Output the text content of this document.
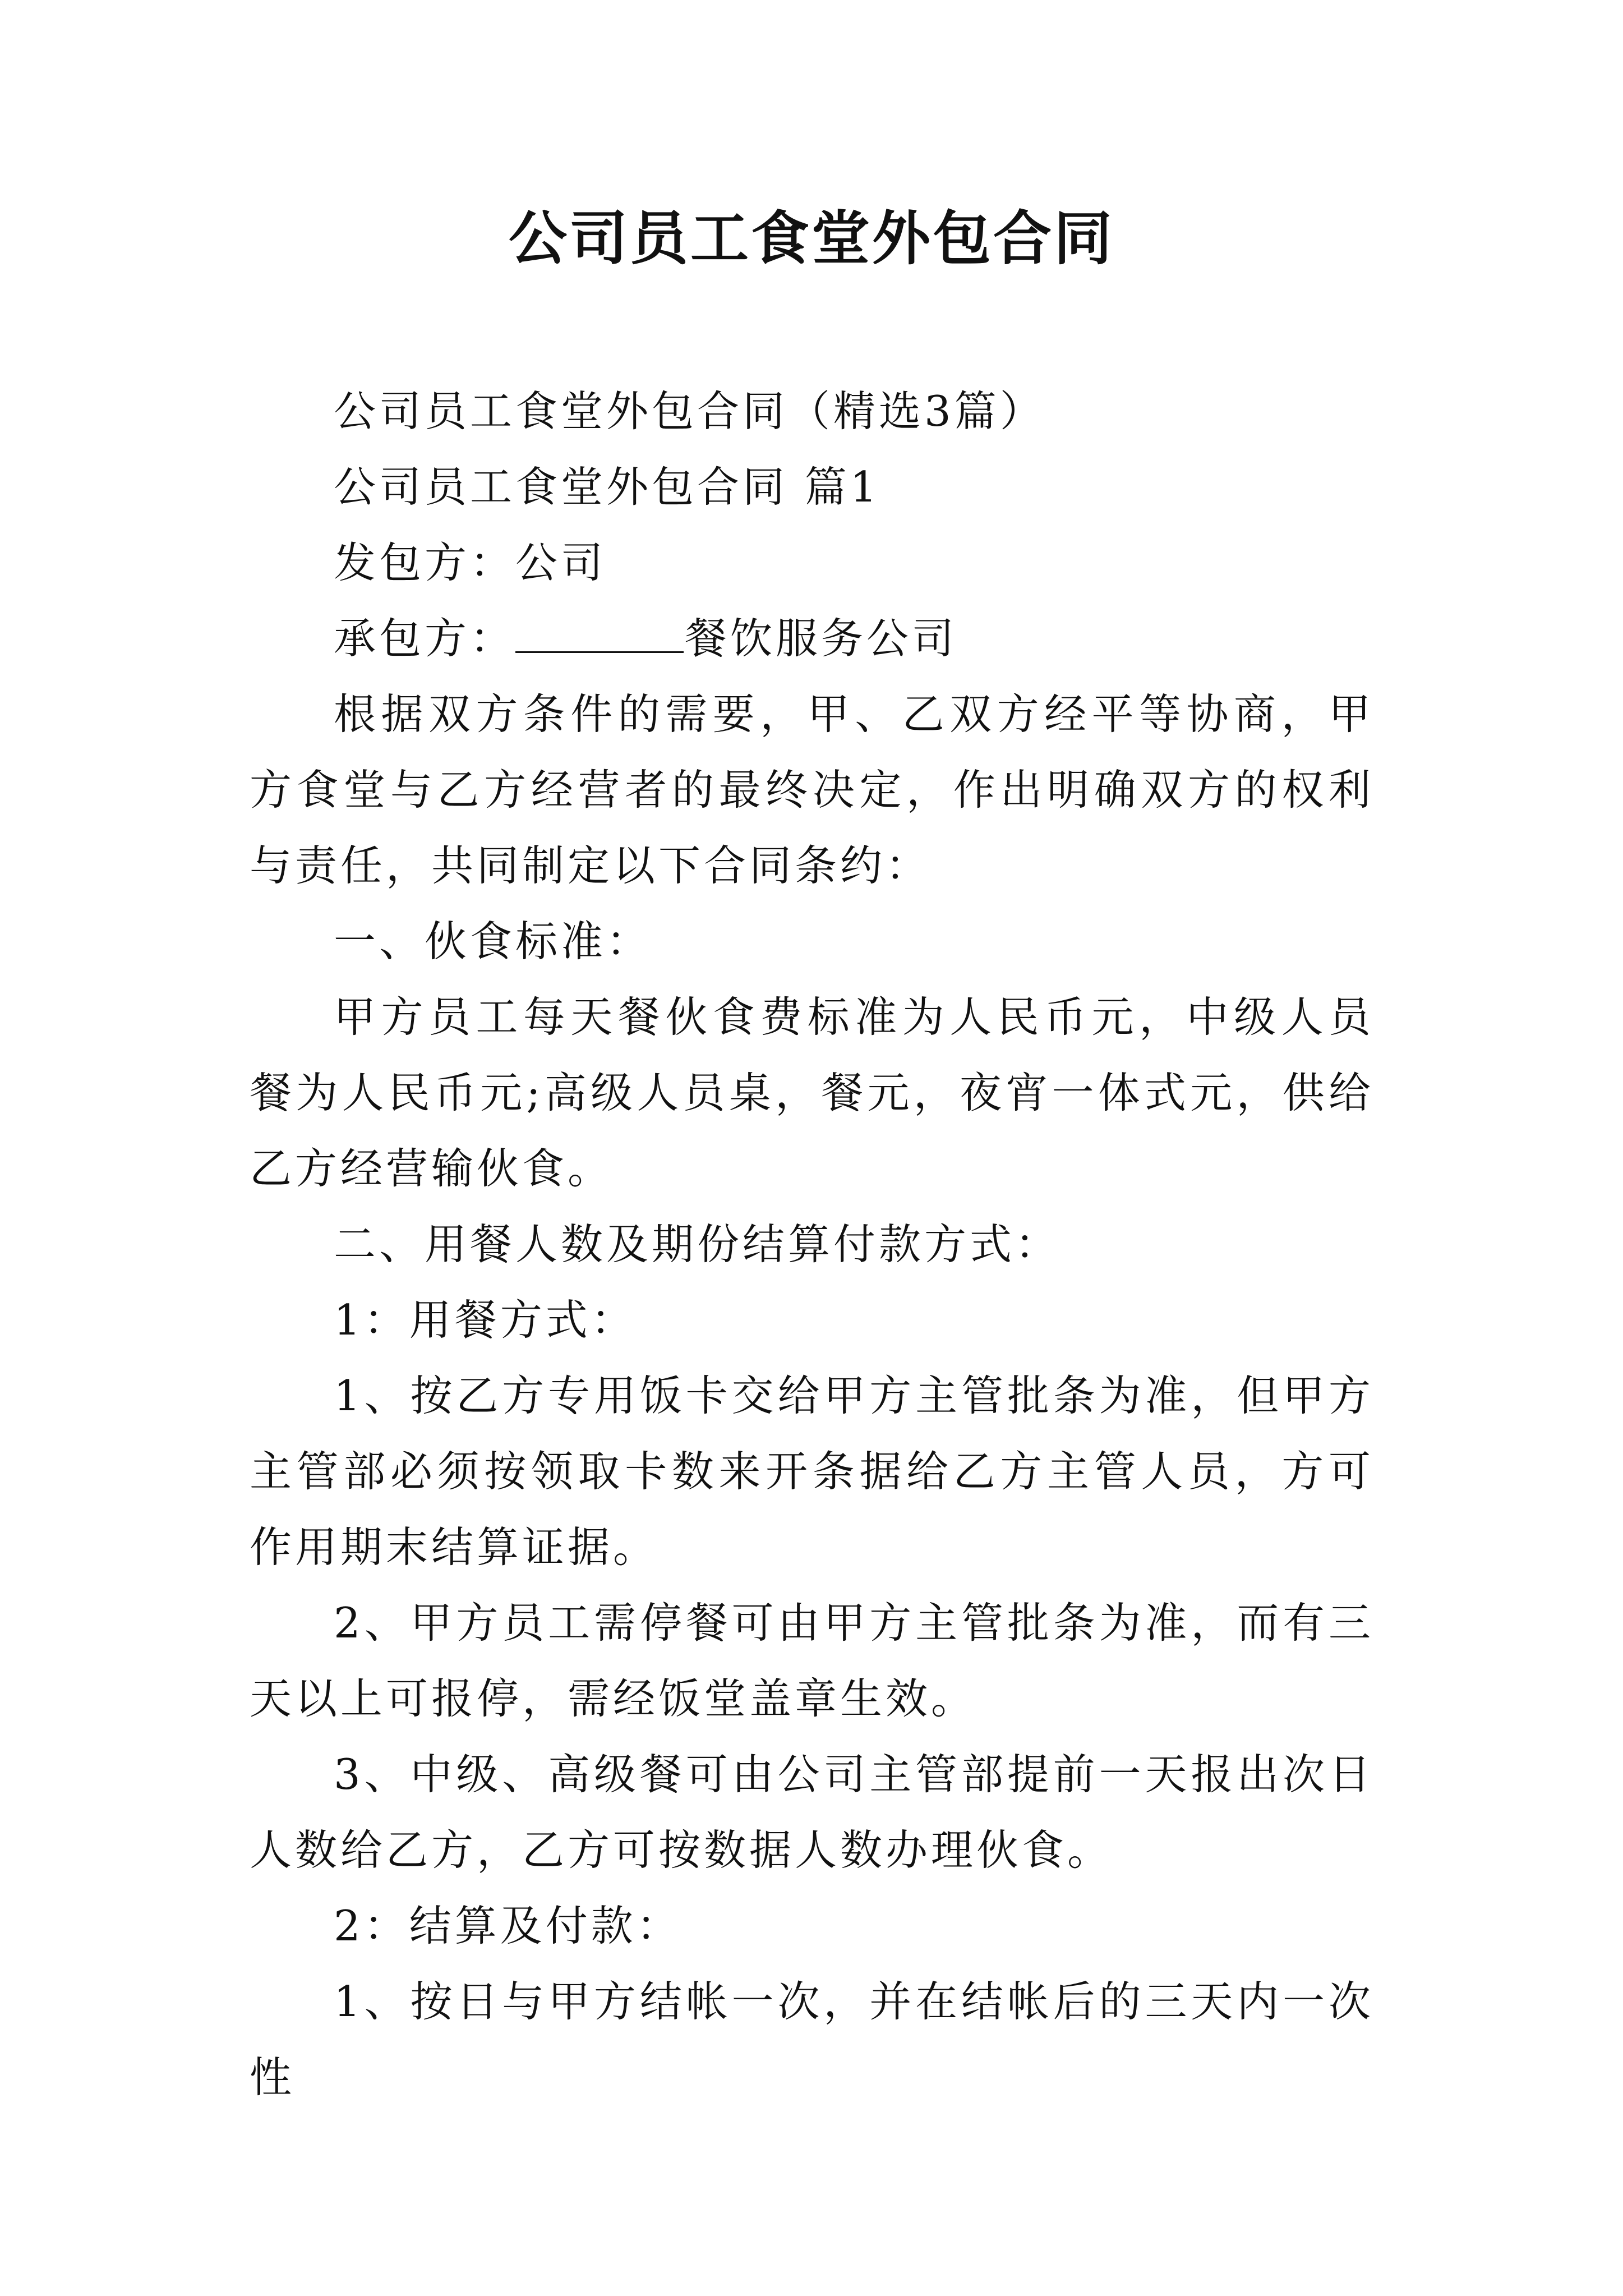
公司员工食堂外包合同

公司员工食堂外包合同（精选3篇）

公司员工食堂外包合同 篇1

发包方：公司

承包方：	餐饮服务公司

根据双方条件的需要，甲、乙双方经平等协商，甲方食堂与乙方经营者的最终决定，作出明确双方的权利与责任，共同制定以下合同条约：

一、伙食标准：

甲方员工每天餐伙食费标准为人民币元，中级人员餐为人民币元;高级人员桌，餐元，夜宵一体式元，供给乙方经营输伙食。

二、用餐人数及期份结算付款方式：

1：用餐方式：

1、按乙方专用饭卡交给甲方主管批条为准，但甲方主管部必须按领取卡数来开条据给乙方主管人员，方可作用期末结算证据。

2、甲方员工需停餐可由甲方主管批条为准，而有三天以上可报停，需经饭堂盖章生效。

3、中级、高级餐可由公司主管部提前一天报出次日人数给乙方，乙方可按数据人数办理伙食。

2：结算及付款：

1、按日与甲方结帐一次，并在结帐后的三天内一次性
